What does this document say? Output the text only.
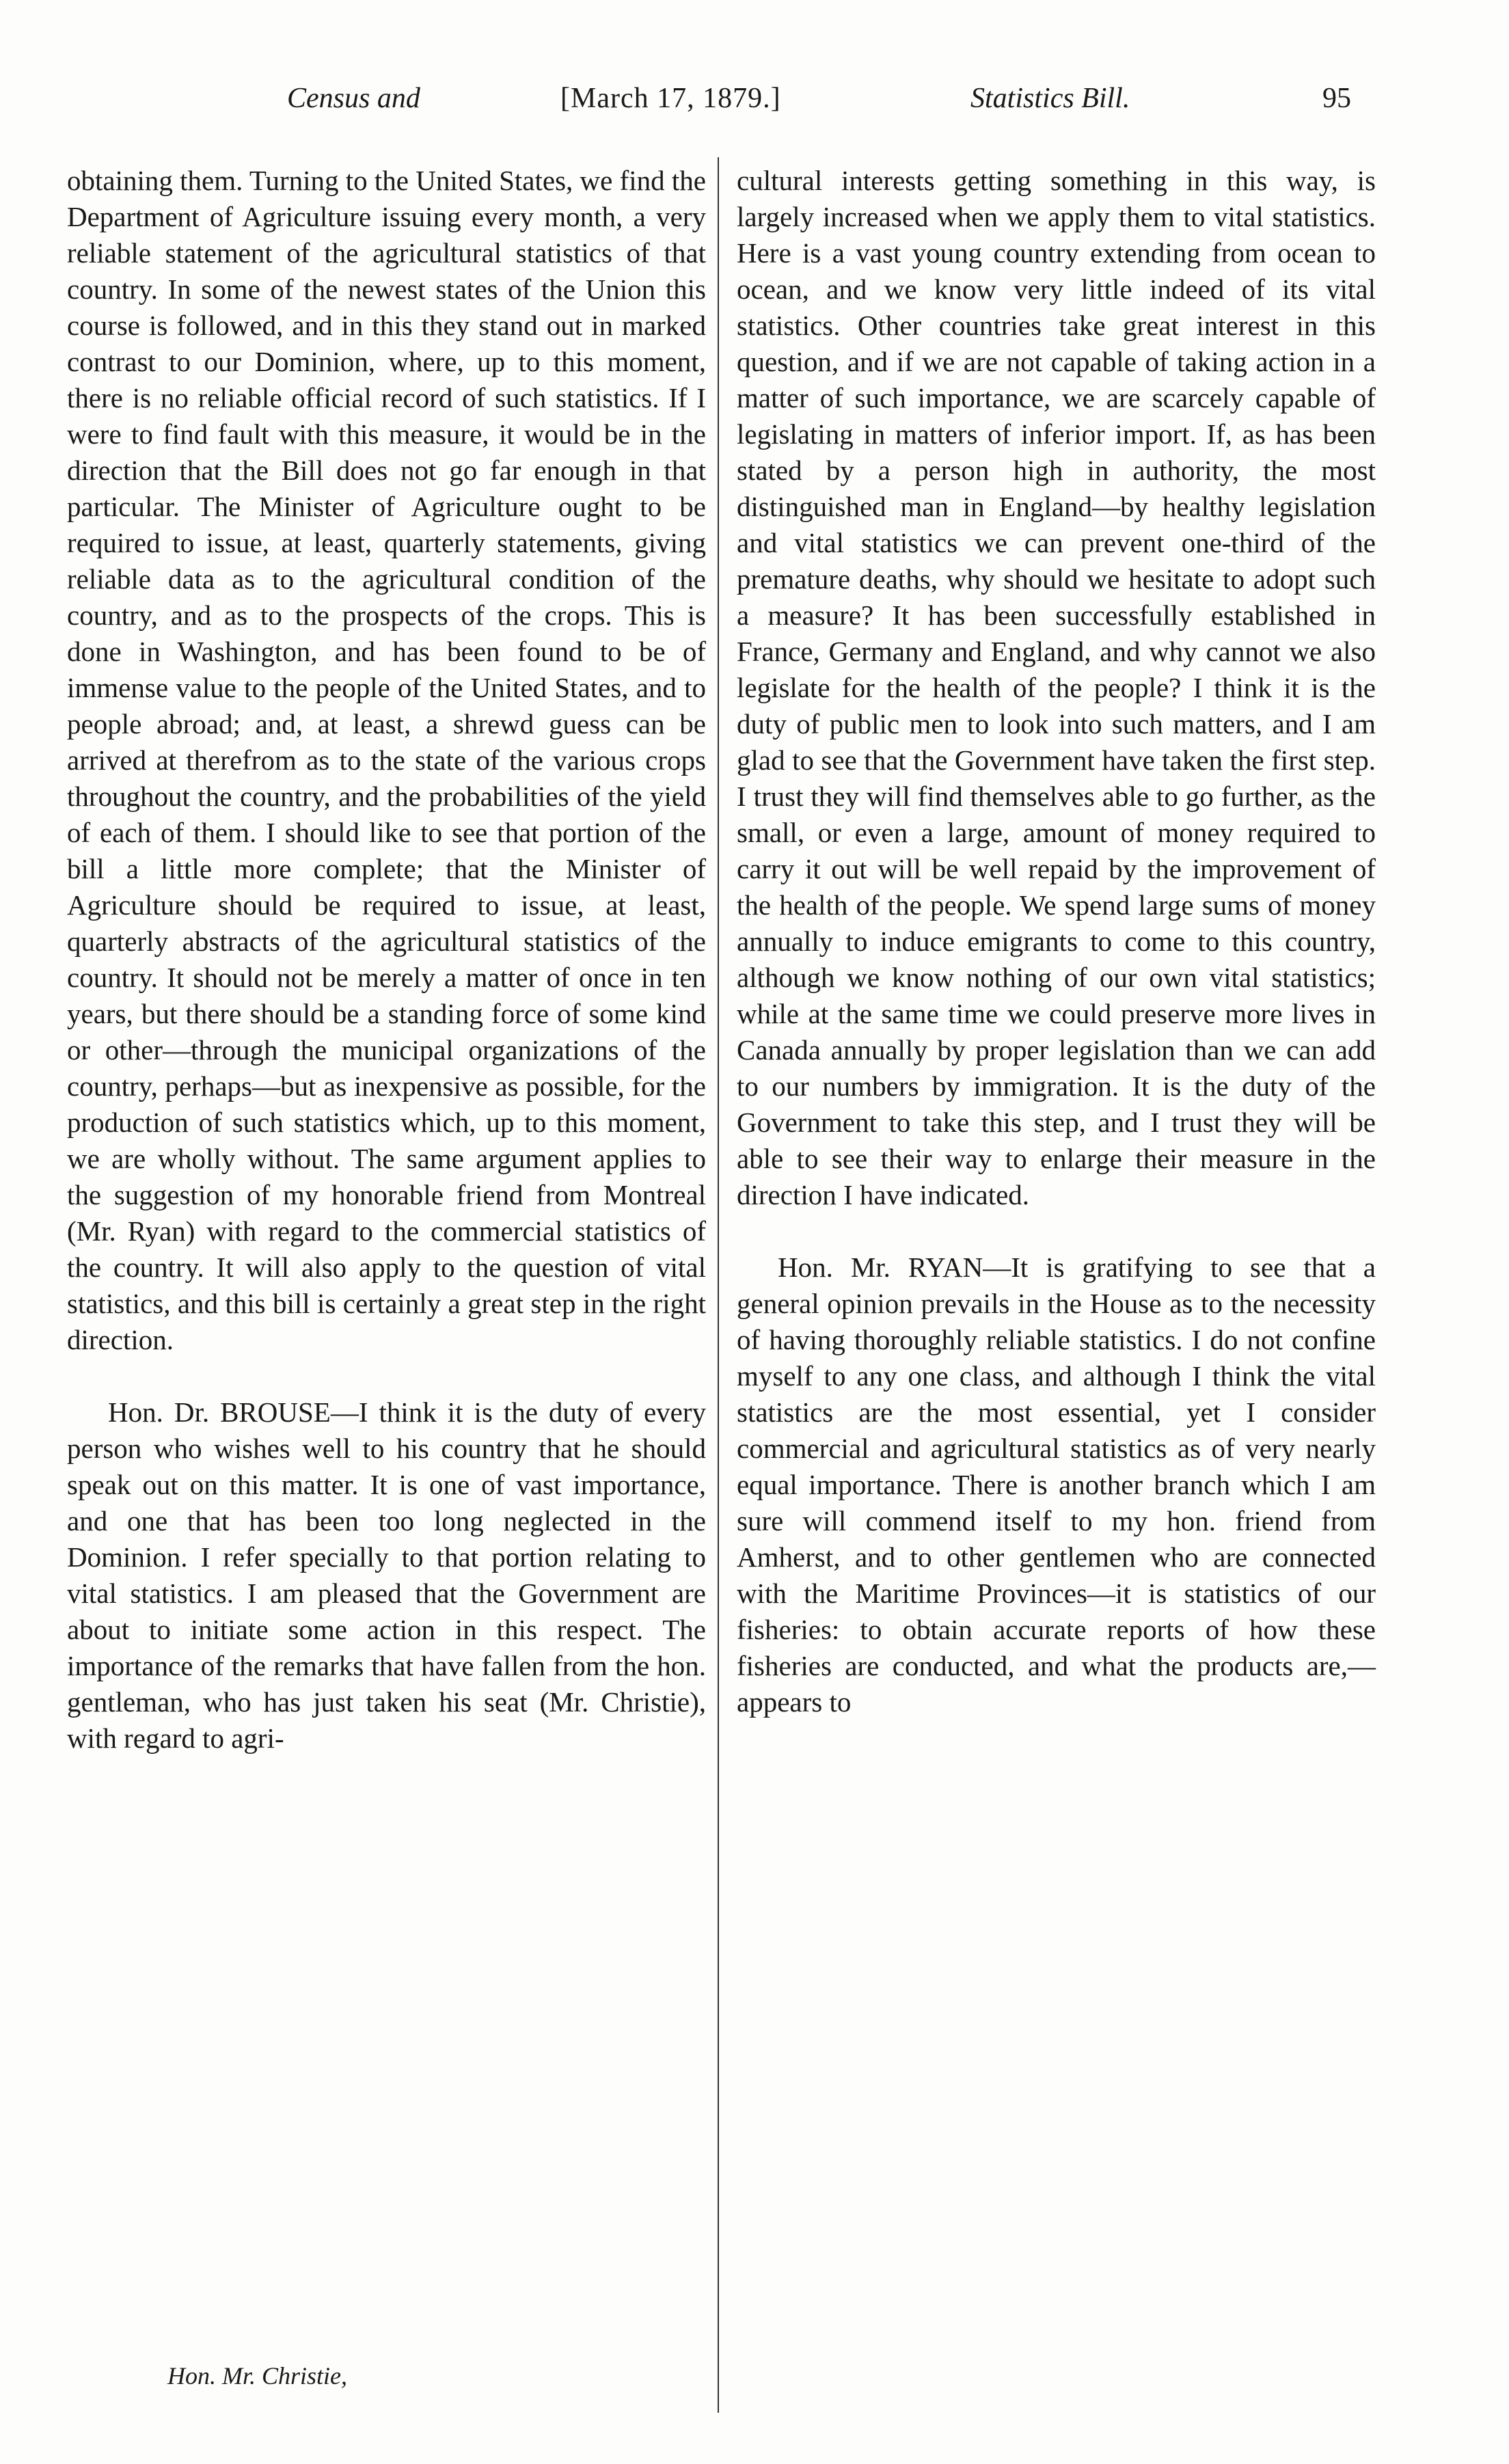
Census and	[March 17, 1879.]	Statistics Bill.	95

obtaining them. Turning to the United States, we find the Department of Agriculture issuing every month, a very reliable statement of the agricultural statistics of that country. In some of the newest states of the Union this course is followed, and in this they stand out in marked contrast to our Dominion, where, up to this moment, there is no reliable official record of such statistics. If I were to find fault with this measure, it would be in the direction that the Bill does not go far enough in that particular. The Minister of Agriculture ought to be required to issue, at least, quarterly statements, giving reliable data as to the agricultural condition of the country, and as to the prospects of the crops. This is done in Washington, and has been found to be of immense value to the people of the United States, and to people abroad; and, at least, a shrewd guess can be arrived at therefrom as to the state of the various crops throughout the country, and the probabilities of the yield of each of them. I should like to see that portion of the bill a little more complete; that the Minister of Agriculture should be required to issue, at least, quarterly abstracts of the agricultural statistics of the country. It should not be merely a matter of once in ten years, but there should be a standing force of some kind or other—through the municipal organizations of the country, perhaps—but as inexpensive as possible, for the production of such statistics which, up to this moment, we are wholly without. The same argument applies to the suggestion of my honorable friend from Montreal (Mr. Ryan) with regard to the commercial statistics of the country. It will also apply to the question of vital statistics, and this bill is certainly a great step in the right direction.

Hon. Dr. BROUSE—I think it is the duty of every person who wishes well to his country that he should speak out on this matter. It is one of vast importance, and one that has been too long neglected in the Dominion. I refer specially to that portion relating to vital statistics. I am pleased that the Government are about to initiate some action in this respect. The importance of the remarks that have fallen from the hon. gentleman, who has just taken his seat (Mr. Christie), with regard to agri-

cultural interests getting something in this way, is largely increased when we apply them to vital statistics. Here is a vast young country extending from ocean to ocean, and we know very little indeed of its vital statistics. Other countries take great interest in this question, and if we are not capable of taking action in a matter of such importance, we are scarcely capable of legislating in matters of inferior import. If, as has been stated by a person high in authority, the most distinguished man in England—by healthy legislation and vital statistics we can prevent one-third of the premature deaths, why should we hesitate to adopt such a measure? It has been successfully established in France, Germany and England, and why cannot we also legislate for the health of the people? I think it is the duty of public men to look into such matters, and I am glad to see that the Government have taken the first step. I trust they will find themselves able to go further, as the small, or even a large, amount of money required to carry it out will be well repaid by the improvement of the health of the people. We spend large sums of money annually to induce emigrants to come to this country, although we know nothing of our own vital statistics; while at the same time we could preserve more lives in Canada annually by proper legislation than we can add to our numbers by immigration. It is the duty of the Government to take this step, and I trust they will be able to see their way to enlarge their measure in the direction I have indicated.

Hon. Mr. RYAN—It is gratifying to see that a general opinion prevails in the House as to the necessity of having thoroughly reliable statistics. I do not confine myself to any one class, and although I think the vital statistics are the most essential, yet I consider commercial and agricultural statistics as of very nearly equal importance. There is another branch which I am sure will commend itself to my hon. friend from Amherst, and to other gentlemen who are connected with the Maritime Provinces—it is statistics of our fisheries: to obtain accurate reports of how these fisheries are conducted, and what the products are,—appears to

Hon. Mr. Christie,
